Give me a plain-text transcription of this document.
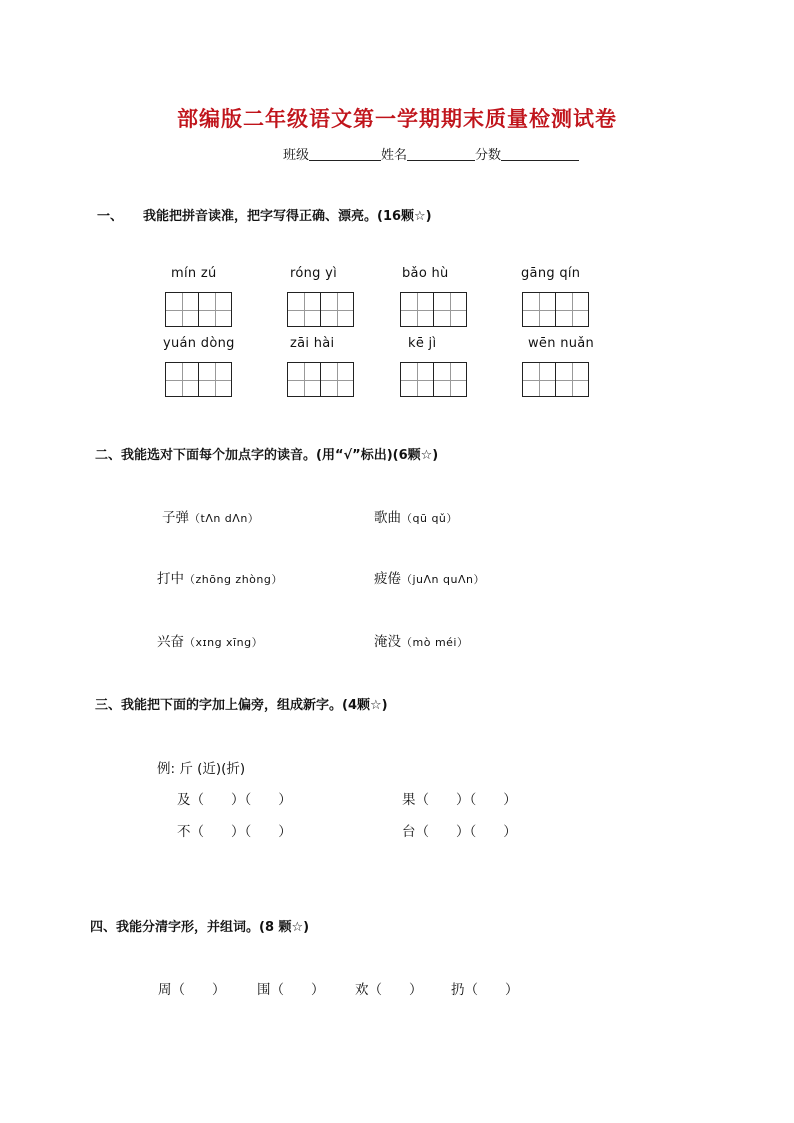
部编版二年级语文第一学期期末质量检测试卷
班级	姓名	分数
一、 我能把拼音读准，把字写得正确、漂亮。(16颗☆)
mín zú	róng yì	bǎo hù	gāng qín
yuán dòng	zāi hài	kē jì	wēn nuǎn
二、我能选对下面每个加点字的读音。(用“√”标出)(6颗☆)
子弹（tɅn dɅn）	歌曲（qū qǔ）
打中（zhōng zhòng）	疲倦（juɅn quɅn）
兴奋（xɪng xīng）	淹没（mò méi）
三、我能把下面的字加上偏旁，组成新字。(4颗☆)
例: 斤 (近)(折)
及（　　）（　　）	果（　　）（　　）
不（　　）（　　）	台（　　）（　　）
四、我能分清字形，并组词。(8 颗☆)
周（　　） 围（　　） 欢（　　） 扔（　　）
